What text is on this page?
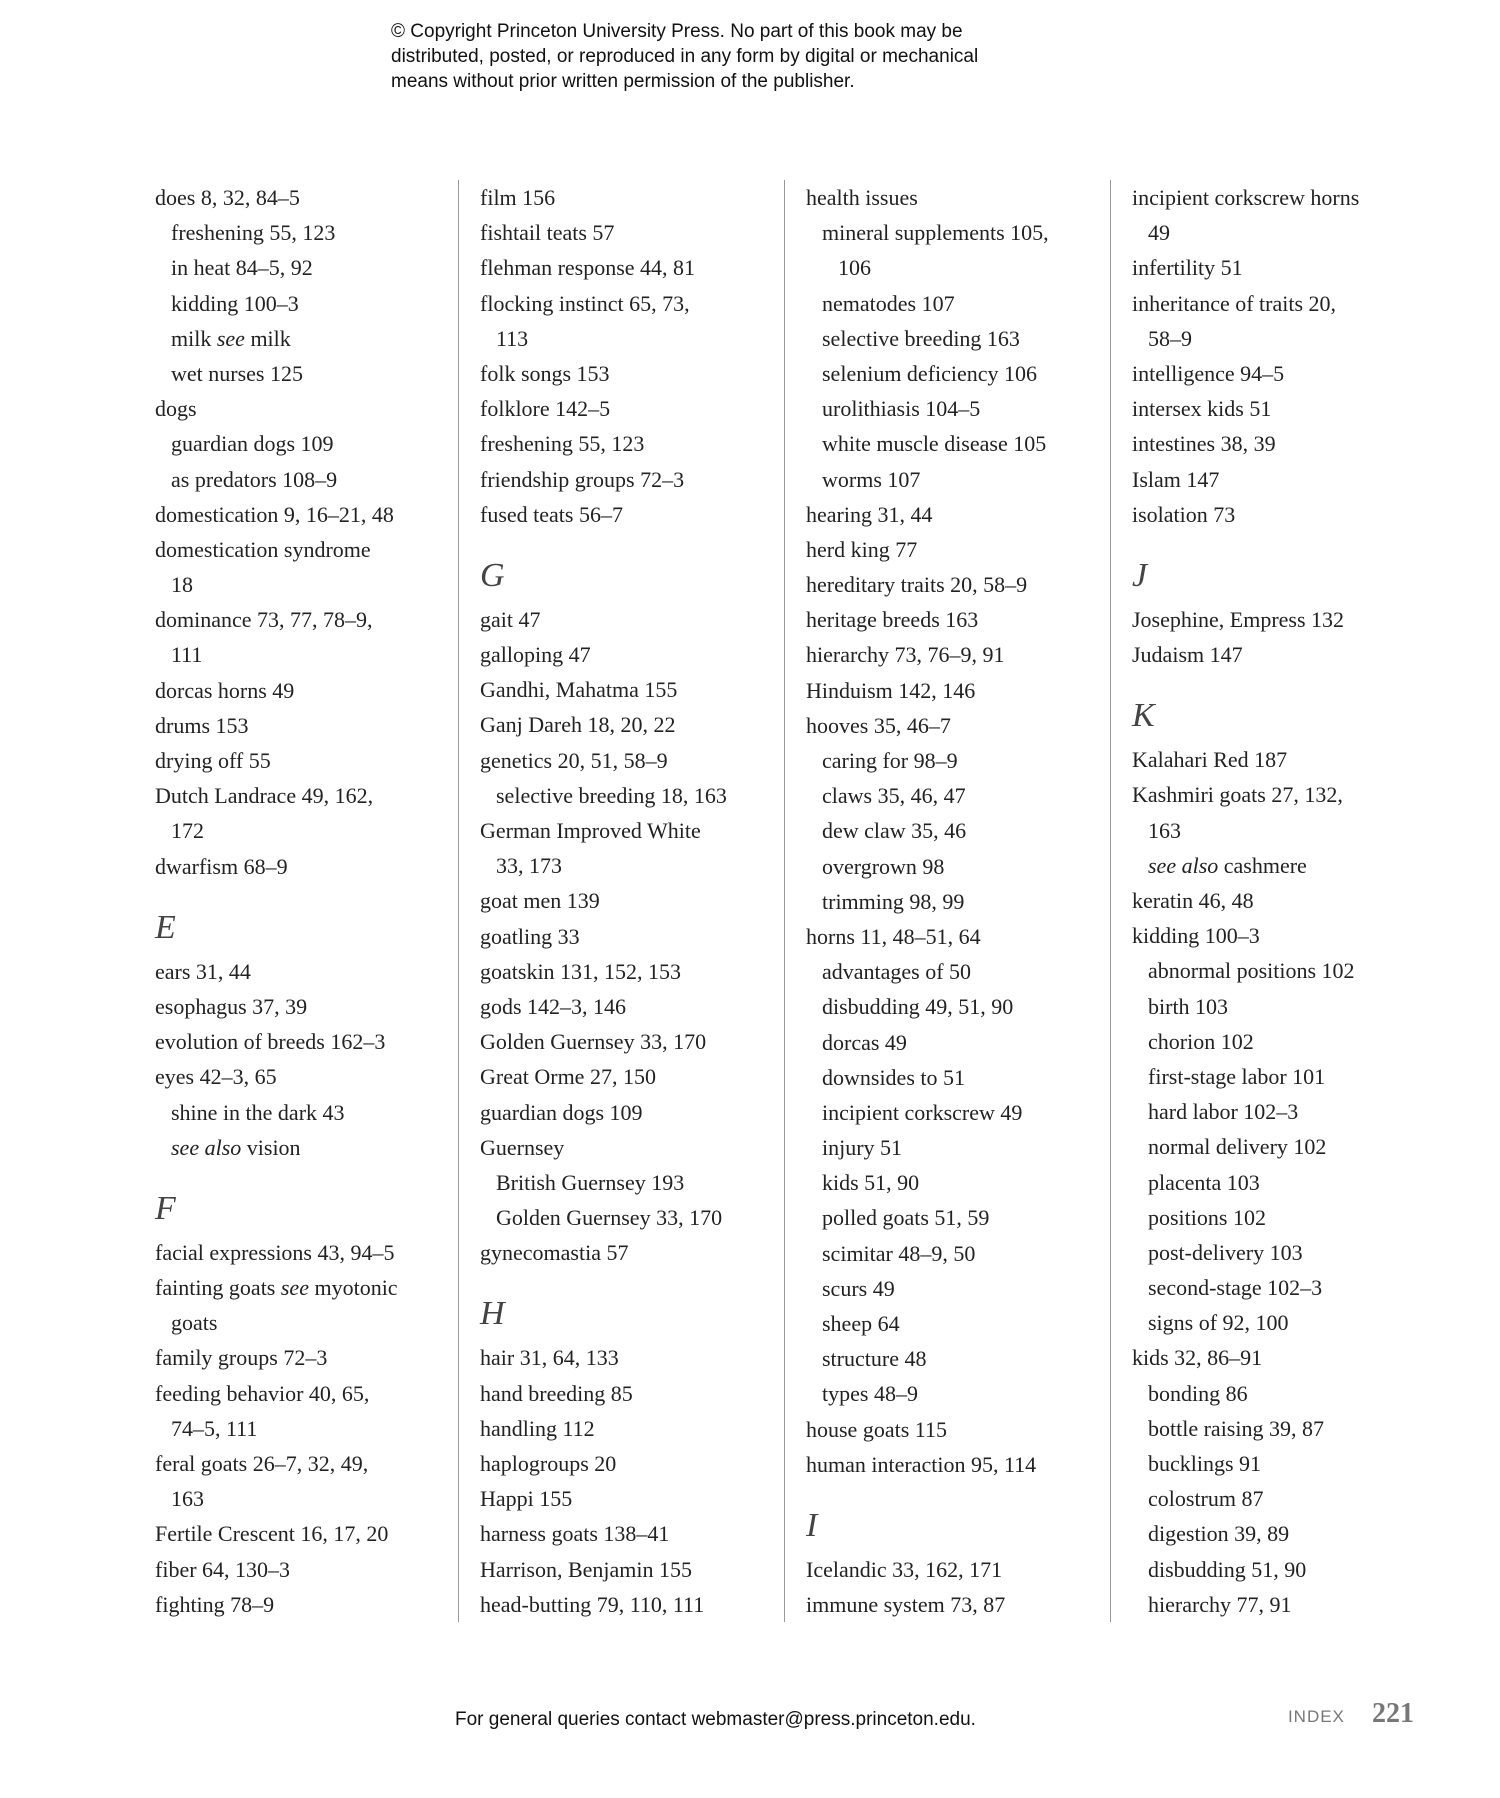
© Copyright Princeton University Press. No part of this book may be
distributed, posted, or reproduced in any form by digital or mechanical
means without prior written permission of the publisher.
does 8, 32, 84–5
freshening 55, 123
in heat 84–5, 92
kidding 100–3
milk see milk
wet nurses 125
dogs
guardian dogs 109
as predators 108–9
domestication 9, 16–21, 48
domestication syndrome
18
dominance 73, 77, 78–9,
111
dorcas horns 49
drums 153
drying off 55
Dutch Landrace 49, 162,
172
dwarfism 68–9
E
ears 31, 44
esophagus 37, 39
evolution of breeds 162–3
eyes 42–3, 65
shine in the dark 43
see also vision
F
facial expressions 43, 94–5
fainting goats see myotonic
goats
family groups 72–3
feeding behavior 40, 65,
74–5, 111
feral goats 26–7, 32, 49,
163
Fertile Crescent 16, 17, 20
fiber 64, 130–3
fighting 78–9
film 156
fishtail teats 57
flehman response 44, 81
flocking instinct 65, 73,
113
folk songs 153
folklore 142–5
freshening 55, 123
friendship groups 72–3
fused teats 56–7
G
gait 47
galloping 47
Gandhi, Mahatma 155
Ganj Dareh 18, 20, 22
genetics 20, 51, 58–9
selective breeding 18, 163
German Improved White
33, 173
goat men 139
goatling 33
goatskin 131, 152, 153
gods 142–3, 146
Golden Guernsey 33, 170
Great Orme 27, 150
guardian dogs 109
Guernsey
British Guernsey 193
Golden Guernsey 33, 170
gynecomastia 57
H
hair 31, 64, 133
hand breeding 85
handling 112
haplogroups 20
Happi 155
harness goats 138–41
Harrison, Benjamin 155
head-butting 79, 110, 111
health issues
mineral supplements 105,
106
nematodes 107
selective breeding 163
selenium deficiency 106
urolithiasis 104–5
white muscle disease 105
worms 107
hearing 31, 44
herd king 77
hereditary traits 20, 58–9
heritage breeds 163
hierarchy 73, 76–9, 91
Hinduism 142, 146
hooves 35, 46–7
caring for 98–9
claws 35, 46, 47
dew claw 35, 46
overgrown 98
trimming 98, 99
horns 11, 48–51, 64
advantages of 50
disbudding 49, 51, 90
dorcas 49
downsides to 51
incipient corkscrew 49
injury 51
kids 51, 90
polled goats 51, 59
scimitar 48–9, 50
scurs 49
sheep 64
structure 48
types 48–9
house goats 115
human interaction 95, 114
I
Icelandic 33, 162, 171
immune system 73, 87
incipient corkscrew horns
49
infertility 51
inheritance of traits 20,
58–9
intelligence 94–5
intersex kids 51
intestines 38, 39
Islam 147
isolation 73
J
Josephine, Empress 132
Judaism 147
K
Kalahari Red 187
Kashmiri goats 27, 132,
163
see also cashmere
keratin 46, 48
kidding 100–3
abnormal positions 102
birth 103
chorion 102
first-stage labor 101
hard labor 102–3
normal delivery 102
placenta 103
positions 102
post-delivery 103
second-stage 102–3
signs of 92, 100
kids 32, 86–91
bonding 86
bottle raising 39, 87
bucklings 91
colostrum 87
digestion 39, 89
disbudding 51, 90
hierarchy 77, 91
For general queries contact webmaster@press.princeton.edu.	INDEX 221
